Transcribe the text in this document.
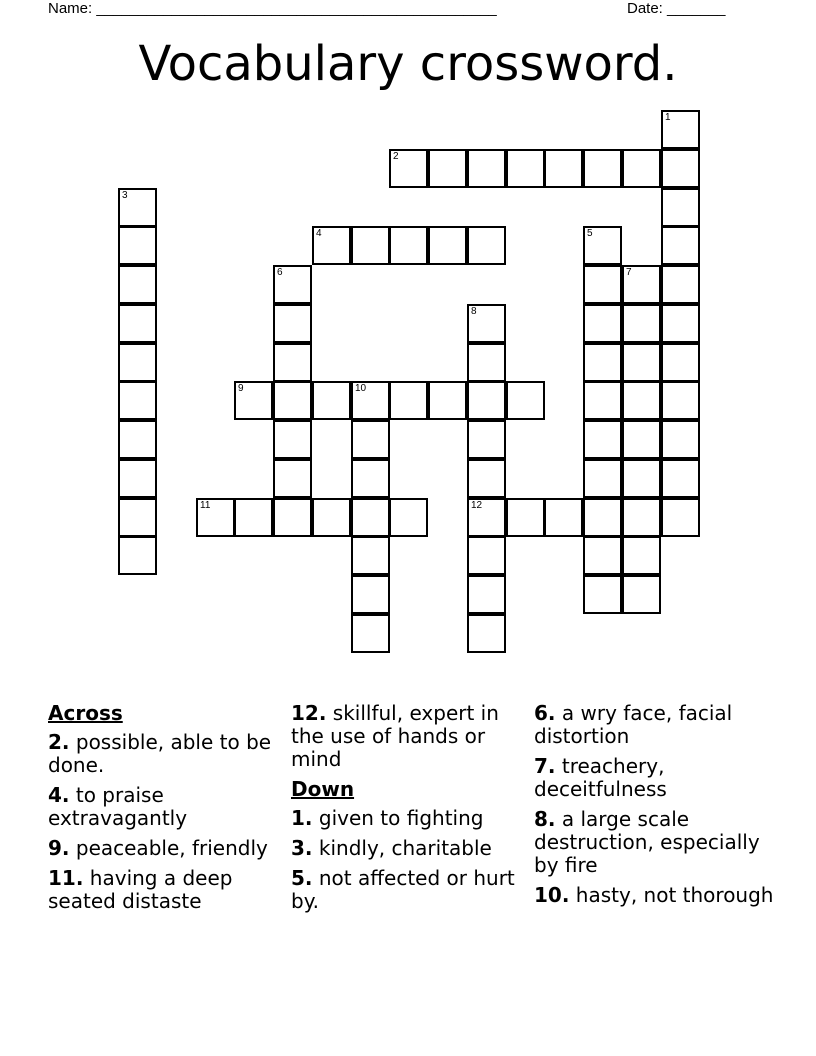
Name: ________________________________________________	Date: _______
Vocabulary crossword.
1
2
3
4	5
6	7
8
12
9	10
11
Across
2. possible, able to be done.
4. to praise extravagantly
9. peaceable, friendly
11. having a deep seated distaste
12. skillful, expert in the use of hands or mind
Down
1. given to fighting
3. kindly, charitable
5. not affected or hurt by.
6. a wry face, facial distortion
7. treachery, deceitfulness
8. a large scale destruction, especially by fire
10. hasty, not thorough
